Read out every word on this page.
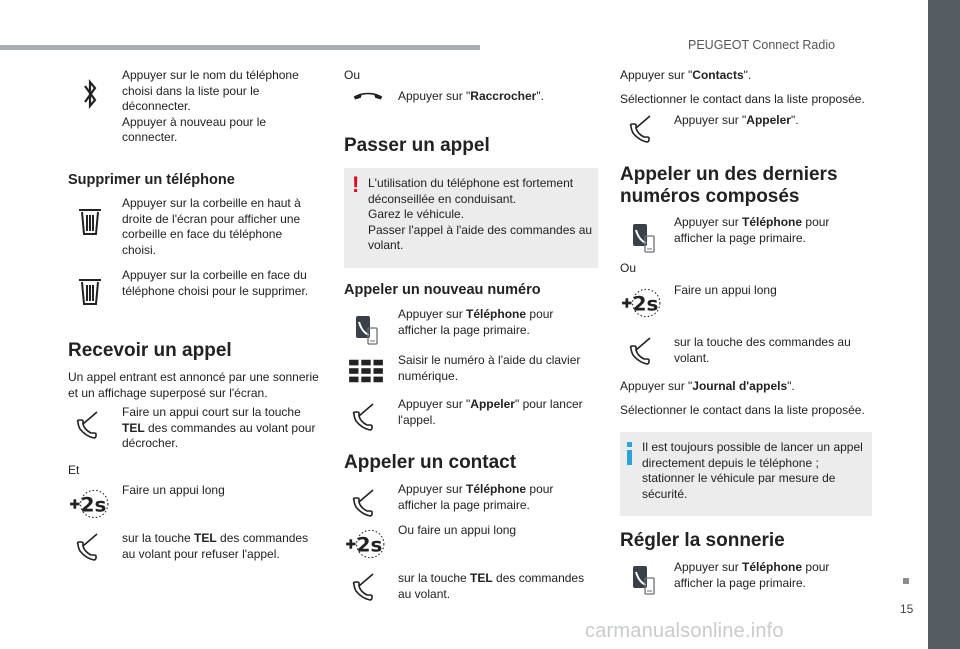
PEUGEOT Connect Radio
15
carmanualsonline.info
Appuyer sur le nom du téléphone choisi dans la liste pour le déconnecter.
Appuyer à nouveau pour le connecter.
Supprimer un téléphone
Appuyer sur la corbeille en haut à droite de l'écran pour afficher une corbeille en face du téléphone choisi.
Appuyer sur la corbeille en face du téléphone choisi pour le supprimer.
Recevoir un appel
Un appel entrant est annoncé par une sonnerie et un affichage superposé sur l'écran.
Faire un appui court sur la touche TEL des commandes au volant pour décrocher.
Et
Faire un appui long
sur la touche TEL des commandes au volant pour refuser l'appel.
Ou
Appuyer sur "Raccrocher".
Passer un appel
! L'utilisation du téléphone est fortement déconseillée en conduisant.
Garez le véhicule.
Passer l'appel à l'aide des commandes au volant.
Appeler un nouveau numéro
Appuyer sur Téléphone pour afficher la page primaire.
Saisir le numéro à l'aide du clavier numérique.
Appuyer sur "Appeler" pour lancer l'appel.
Appeler un contact
Appuyer sur Téléphone pour afficher la page primaire.
Ou faire un appui long
sur la touche TEL des commandes au volant.
Appuyer sur "Contacts".
Sélectionner le contact dans la liste proposée.
Appuyer sur "Appeler".
Appeler un des derniers numéros composés
Appuyer sur Téléphone pour afficher la page primaire.
Ou
Faire un appui long
sur la touche des commandes au volant.
Appuyer sur "Journal d'appels".
Sélectionner le contact dans la liste proposée.
Il est toujours possible de lancer un appel directement depuis le téléphone ; stationner le véhicule par mesure de sécurité.
Régler la sonnerie
Appuyer sur Téléphone pour afficher la page primaire.
